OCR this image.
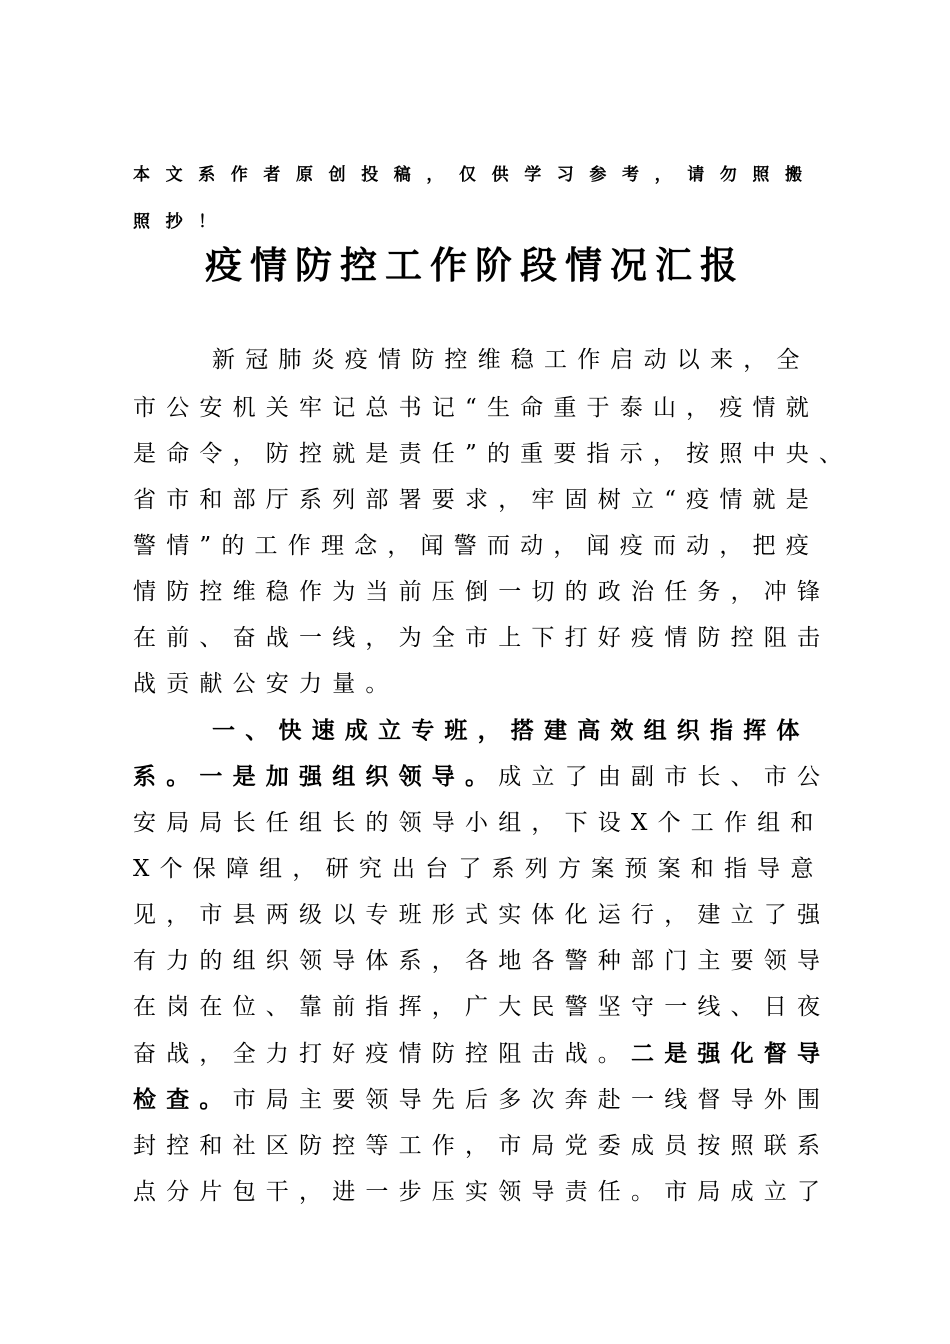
本文系作者原创投稿，仅供学习参考，请勿照搬
照抄！
疫情防控工作阶段情况汇报
新冠肺炎疫情防控维稳工作启动以来，全
市公安机关牢记总书记“生命重于泰山，疫情就
是命令，防控就是责任”的重要指示，按照中央、
省市和部厅系列部署要求，牢固树立“疫情就是
警情”的工作理念，闻警而动，闻疫而动，把疫
情防控维稳作为当前压倒一切的政治任务，冲锋
在前、奋战一线，为全市上下打好疫情防控阻击
战贡献公安力量。
一、快速成立专班，搭建高效组织指挥体
系。一是加强组织领导。成立了由副市长、市公
安局局长任组长的领导小组，下设X个工作组和
X个保障组，研究出台了系列方案预案和指导意
见，市县两级以专班形式实体化运行，建立了强
有力的组织领导体系，各地各警种部门主要领导
在岗在位、靠前指挥，广大民警坚守一线、日夜
奋战，全力打好疫情防控阻击战。二是强化督导
检查。市局主要领导先后多次奔赴一线督导外围
封控和社区防控等工作，市局党委成员按照联系
点分片包干，进一步压实领导责任。市局成立了
